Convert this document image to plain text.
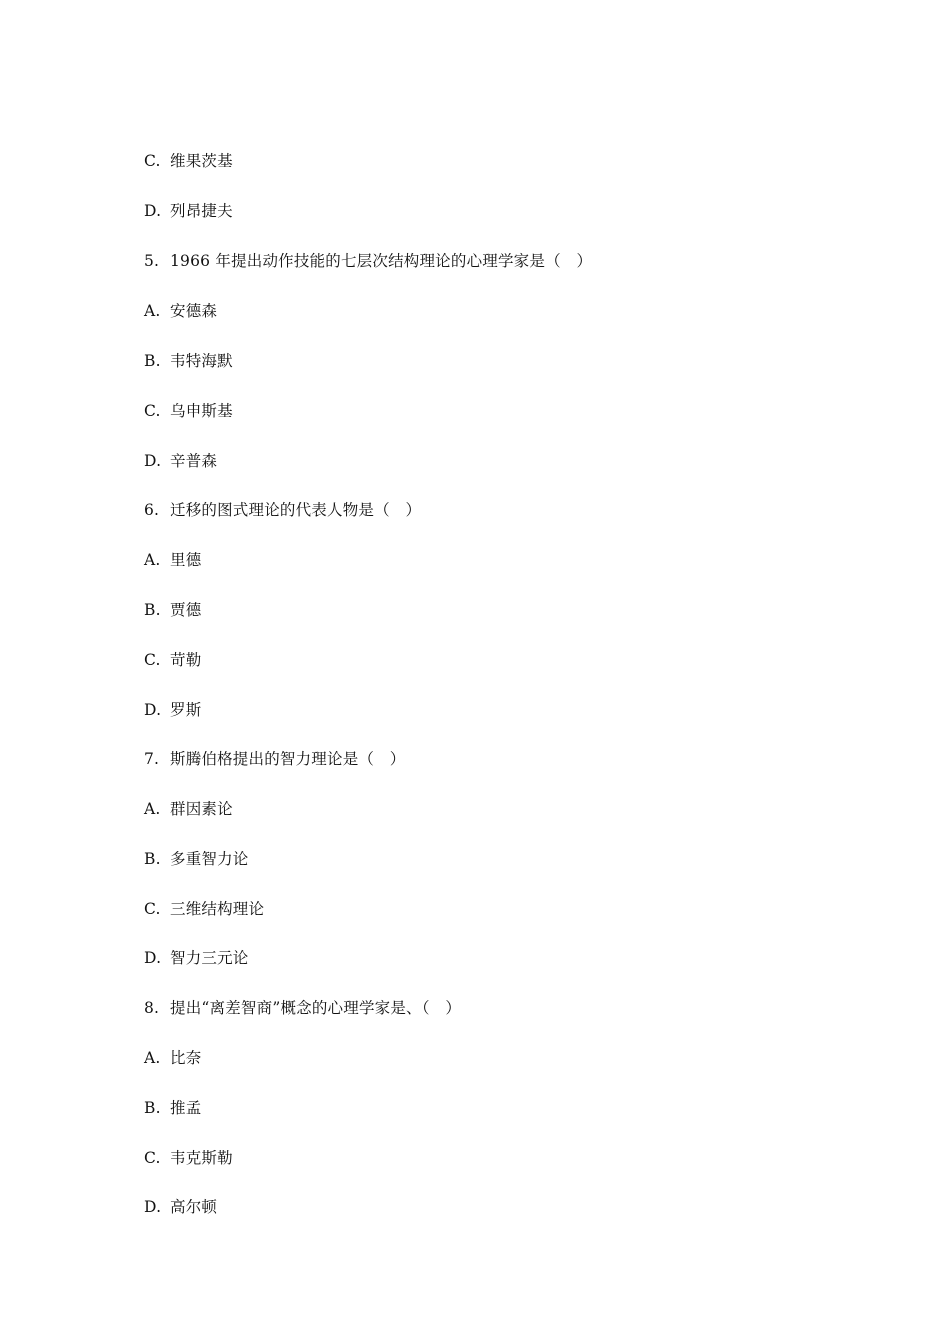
C. 维果茨基
D. 列昂捷夫
5. 1966 年提出动作技能的七层次结构理论的心理学家是（　）
A. 安德森
B. 韦特海默
C. 乌申斯基
D. 辛普森
6. 迁移的图式理论的代表人物是（　）
A. 里德
B. 贾德
C. 苛勒
D. 罗斯
7. 斯腾伯格提出的智力理论是（　）
A. 群因素论
B. 多重智力论
C. 三维结构理论
D. 智力三元论
8. 提出“离差智商”概念的心理学家是、（　）
A. 比奈
B. 推孟
C. 韦克斯勒
D. 高尔顿
